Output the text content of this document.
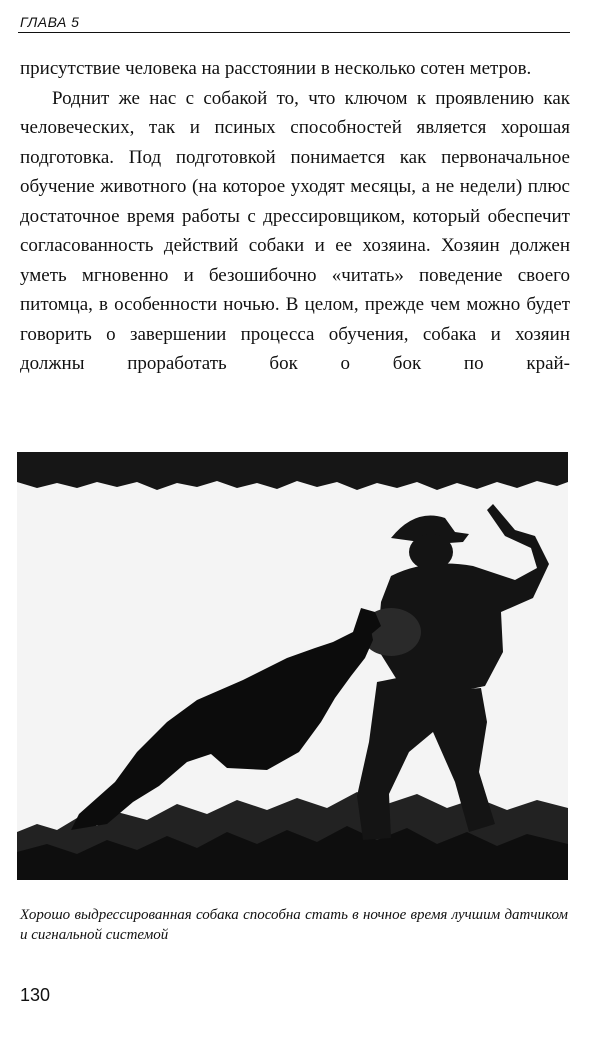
ГЛАВА 5

присутствие человека на расстоянии в несколько сотен метров.

Роднит же нас с собакой то, что ключом к проявлению как человеческих, так и псиных способностей является хорошая подготовка. Под подготовкой понимается как первоначальное обучение животного (на которое уходят месяцы, а не недели) плюс достаточное время работы с дрессировщиком, который обеспечит согласованность действий собаки и ее хозяина. Хозяин должен уметь мгновенно и безошибочно «читать» поведение своего питомца, в особенности ночью. В целом, прежде чем можно будет говорить о завершении процесса обучения, собака и хозяин должны проработать бок о бок по край-

Хорошо выдрессированная собака способна стать в ночное время лучшим датчиком и сигнальной системой

130
